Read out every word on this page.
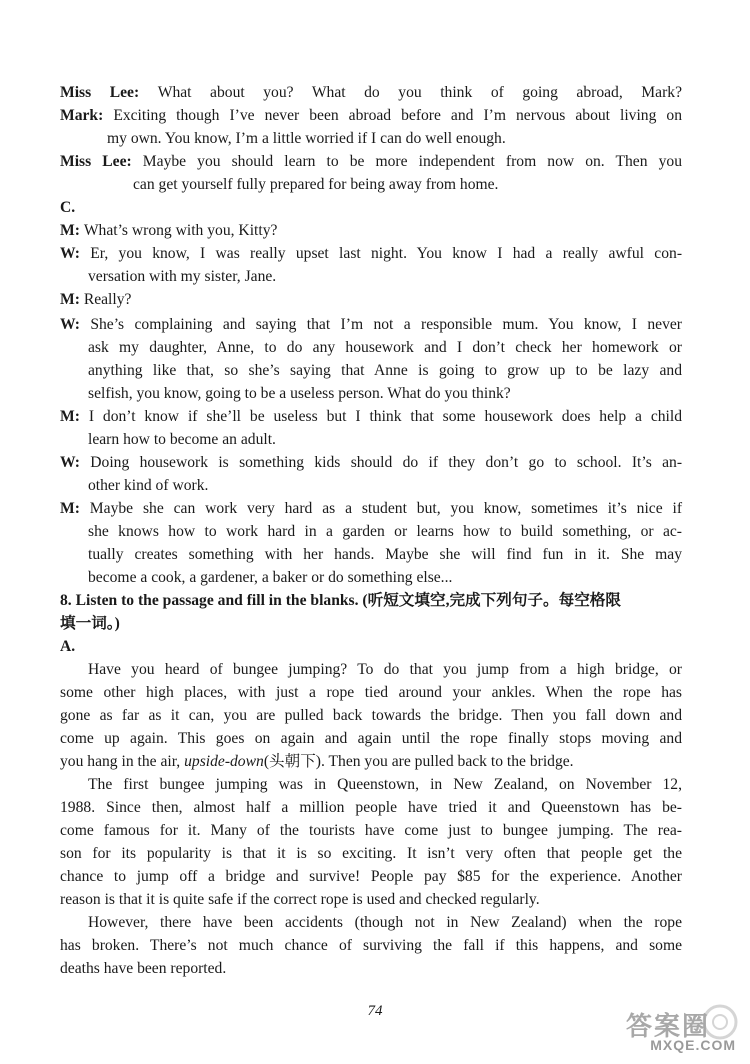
Miss Lee: What about you? What do you think of going abroad, Mark?
Mark: Exciting though I’ve never been abroad before and I’m nervous about living on
my own. You know, I’m a little worried if I can do well enough.
Miss Lee: Maybe you should learn to be more independent from now on. Then you
can get yourself fully prepared for being away from home.
C.
M: What’s wrong with you, Kitty?
W: Er, you know, I was really upset last night. You know I had a really awful con-
versation with my sister, Jane.
M: Really?
W: She’s complaining and saying that I’m not a responsible mum. You know, I never
ask my daughter, Anne, to do any housework and I don’t check her homework or
anything like that, so she’s saying that Anne is going to grow up to be lazy and
selfish, you know, going to be a useless person. What do you think?
M: I don’t know if she’ll be useless but I think that some housework does help a child
learn how to become an adult.
W: Doing housework is something kids should do if they don’t go to school. It’s an-
other kind of work.
M: Maybe she can work very hard as a student but, you know, sometimes it’s nice if
she knows how to work hard in a garden or learns how to build something, or ac-
tually creates something with her hands. Maybe she will find fun in it. She may
become a cook, a gardener, a baker or do something else...
8. Listen to the passage and fill in the blanks. (听短文填空,完成下列句子。每空格限
填一词。)
A.
Have you heard of bungee jumping? To do that you jump from a high bridge, or
some other high places, with just a rope tied around your ankles. When the rope has
gone as far as it can, you are pulled back towards the bridge. Then you fall down and
come up again. This goes on again and again until the rope finally stops moving and
you hang in the air, upside-down(头朝下). Then you are pulled back to the bridge.
The first bungee jumping was in Queenstown, in New Zealand, on November 12,
1988. Since then, almost half a million people have tried it and Queenstown has be-
come famous for it. Many of the tourists have come just to bungee jumping. The rea-
son for its popularity is that it is so exciting. It isn’t very often that people get the
chance to jump off a bridge and survive! People pay $85 for the experience. Another
reason is that it is quite safe if the correct rope is used and checked regularly.
However, there have been accidents (though not in New Zealand) when the rope
has broken. There’s not much chance of surviving the fall if this happens, and some
deaths have been reported.
74	答案圈
MXQE.COM
